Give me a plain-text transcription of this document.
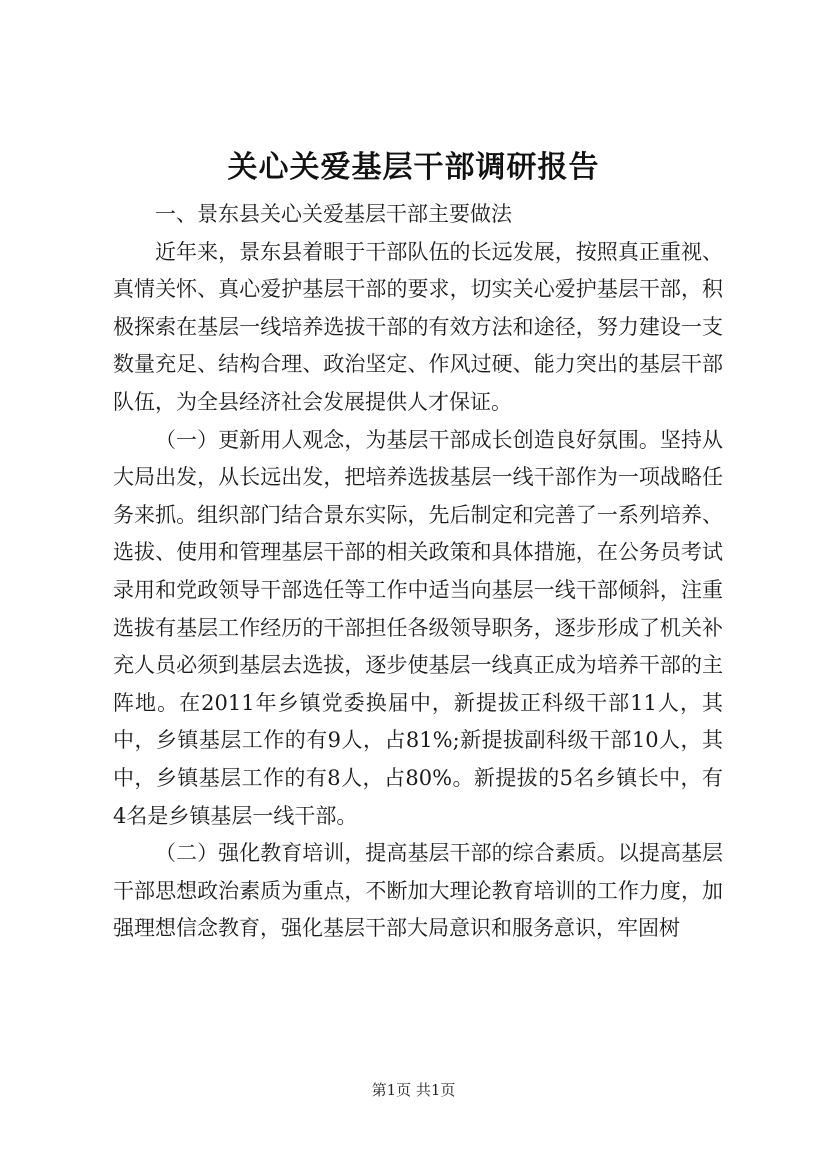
关心关爱基层干部调研报告

一、景东县关心关爱基层干部主要做法

近年来，景东县着眼于干部队伍的长远发展，按照真正重视、真情关怀、真心爱护基层干部的要求，切实关心爱护基层干部，积极探索在基层一线培养选拔干部的有效方法和途径，努力建设一支数量充足、结构合理、政治坚定、作风过硬、能力突出的基层干部队伍，为全县经济社会发展提供人才保证。

（一）更新用人观念，为基层干部成长创造良好氛围。坚持从大局出发，从长远出发，把培养选拔基层一线干部作为一项战略任务来抓。组织部门结合景东实际，先后制定和完善了一系列培养、选拔、使用和管理基层干部的相关政策和具体措施，在公务员考试录用和党政领导干部选任等工作中适当向基层一线干部倾斜，注重选拔有基层工作经历的干部担任各级领导职务，逐步形成了机关补充人员必须到基层去选拔，逐步使基层一线真正成为培养干部的主阵地。在2011年乡镇党委换届中，新提拔正科级干部11人，其中，乡镇基层工作的有9人，占81%;新提拔副科级干部10人，其中，乡镇基层工作的有8人，占80%。新提拔的5名乡镇长中，有4名是乡镇基层一线干部。

（二）强化教育培训，提高基层干部的综合素质。以提高基层干部思想政治素质为重点，不断加大理论教育培训的工作力度，加强理想信念教育，强化基层干部大局意识和服务意识，牢固树

第1页 共1页
